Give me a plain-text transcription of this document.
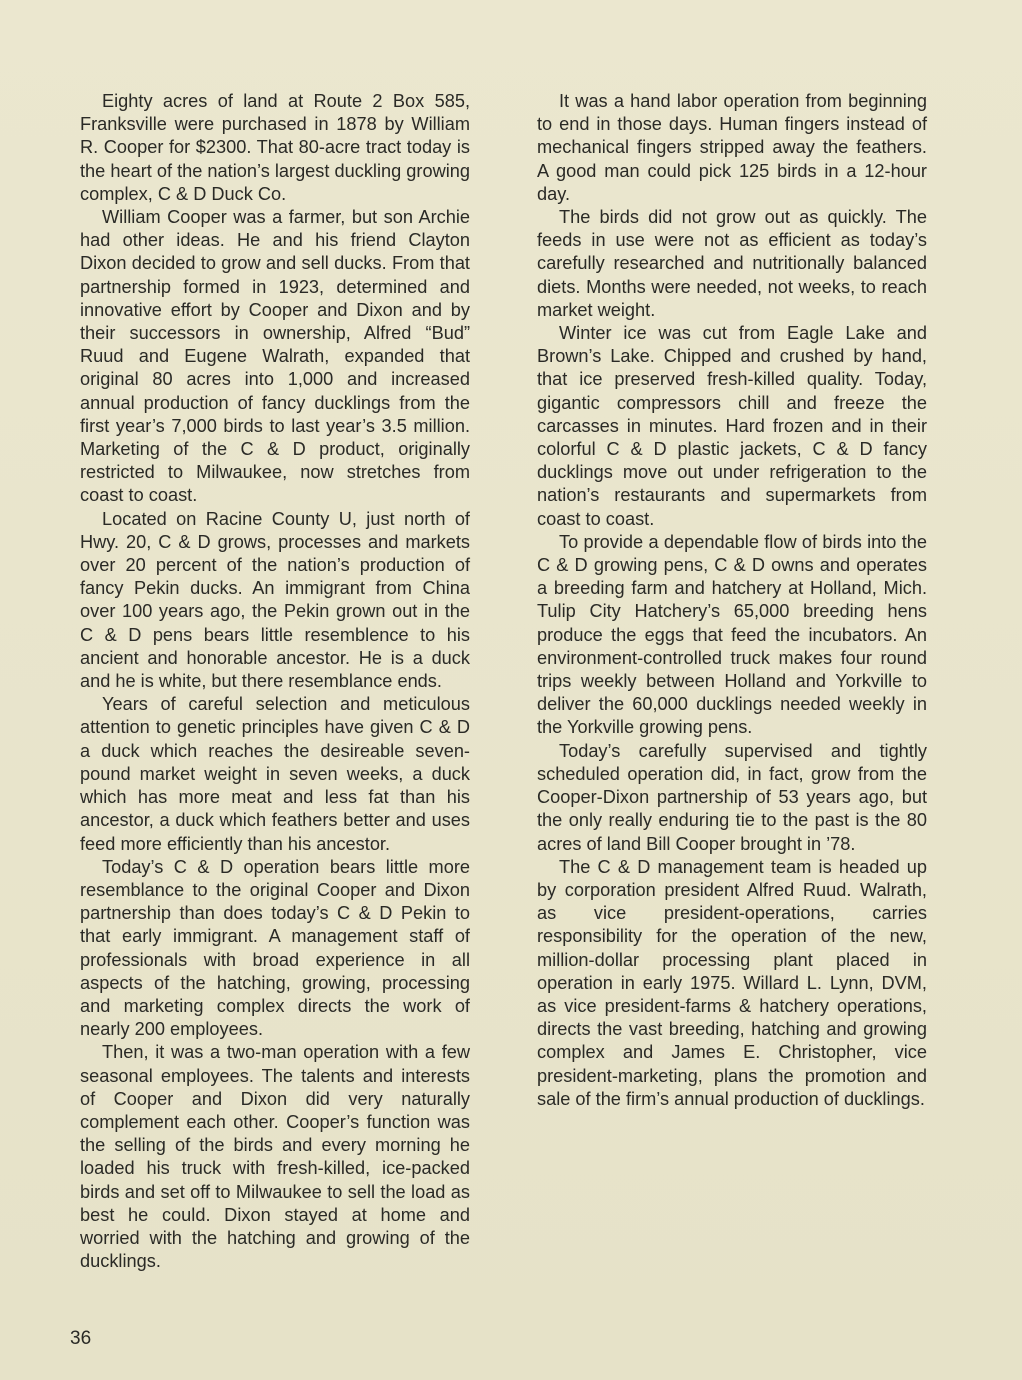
Eighty acres of land at Route 2 Box 585, Franksville were purchased in 1878 by William R. Cooper for $2300. That 80-acre tract today is the heart of the nation’s largest duckling growing complex, C & D Duck Co.

William Cooper was a farmer, but son Archie had other ideas. He and his friend Clayton Dixon decided to grow and sell ducks. From that partnership formed in 1923, determined and innovative effort by Cooper and Dixon and by their successors in ownership, Alfred “Bud” Ruud and Eugene Walrath, expanded that original 80 acres into 1,000 and increased annual production of fancy ducklings from the first year’s 7,000 birds to last year’s 3.5 million. Marketing of the C & D product, originally restricted to Milwaukee, now stretches from coast to coast.

Located on Racine County U, just north of Hwy. 20, C & D grows, processes and markets over 20 percent of the nation’s production of fancy Pekin ducks. An immigrant from China over 100 years ago, the Pekin grown out in the C & D pens bears little resemblence to his ancient and honorable ancestor. He is a duck and he is white, but there resemblance ends.

Years of careful selection and meticulous attention to genetic principles have given C & D a duck which reaches the desireable seven-pound market weight in seven weeks, a duck which has more meat and less fat than his ancestor, a duck which feathers better and uses feed more efficiently than his ancestor.

Today’s C & D operation bears little more resemblance to the original Cooper and Dixon partnership than does today’s C & D Pekin to that early immigrant. A management staff of professionals with broad experience in all aspects of the hatching, growing, processing and marketing complex directs the work of nearly 200 employees.

Then, it was a two-man operation with a few seasonal employees. The talents and interests of Cooper and Dixon did very naturally complement each other. Cooper’s function was the selling of the birds and every morning he loaded his truck with fresh-killed, ice-packed birds and set off to Milwaukee to sell the load as best he could. Dixon stayed at home and worried with the hatching and growing of the ducklings.

It was a hand labor operation from beginning to end in those days. Human fingers instead of mechanical fingers stripped away the feathers. A good man could pick 125 birds in a 12-hour day.

The birds did not grow out as quickly. The feeds in use were not as efficient as today’s carefully researched and nutritionally balanced diets. Months were needed, not weeks, to reach market weight.

Winter ice was cut from Eagle Lake and Brown’s Lake. Chipped and crushed by hand, that ice preserved fresh-killed quality. Today, gigantic compressors chill and freeze the carcasses in minutes. Hard frozen and in their colorful C & D plastic jackets, C & D fancy ducklings move out under refrigeration to the nation’s restaurants and supermarkets from coast to coast.

To provide a dependable flow of birds into the C & D growing pens, C & D owns and operates a breeding farm and hatchery at Holland, Mich. Tulip City Hatchery’s 65,000 breeding hens produce the eggs that feed the incubators. An environment-controlled truck makes four round trips weekly between Holland and Yorkville to deliver the 60,000 ducklings needed weekly in the Yorkville growing pens.

Today’s carefully supervised and tightly scheduled operation did, in fact, grow from the Cooper-Dixon partnership of 53 years ago, but the only really enduring tie to the past is the 80 acres of land Bill Cooper brought in ’78.

The C & D management team is headed up by corporation president Alfred Ruud. Walrath, as vice president-operations, carries responsibility for the operation of the new, million-dollar processing plant placed in operation in early 1975. Willard L. Lynn, DVM, as vice president-farms & hatchery operations, directs the vast breeding, hatching and growing complex and James E. Christopher, vice president-marketing, plans the promotion and sale of the firm’s annual production of ducklings.

36
